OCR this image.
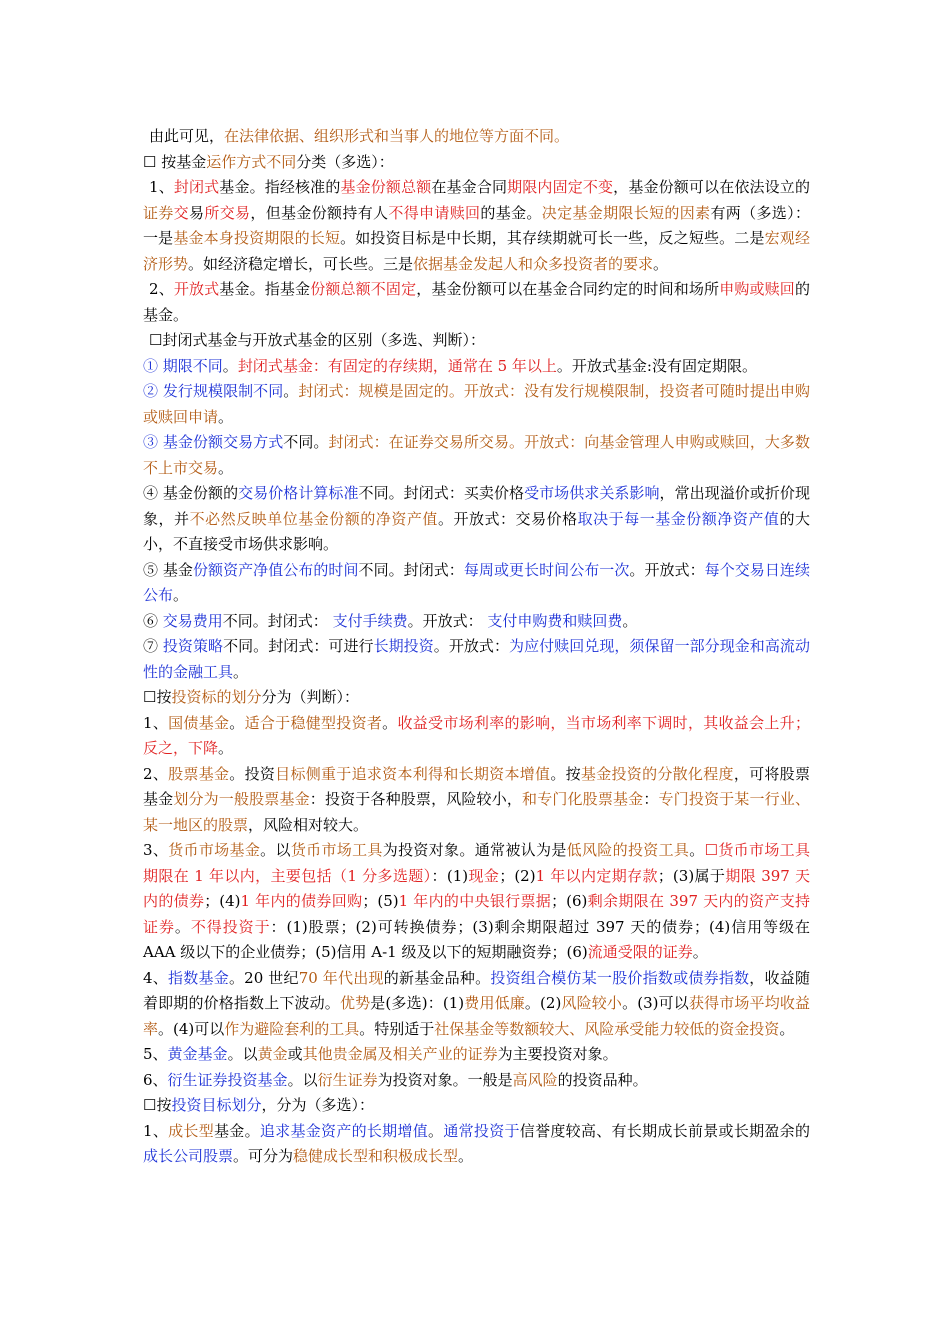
由此可见，在法律依据、组织形式和当事人的地位等方面不同。

☐ 按基金运作方式不同分类（多选）：

1、封闭式基金。指经核准的基金份额总额在基金合同期限内固定不变，基金份额可以在依法设立的证券交易所交易，但基金份额持有人不得申请赎回的基金。决定基金期限长短的因素有两（多选）：一是基金本身投资期限的长短。如投资目标是中长期，其存续期就可长一些，反之短些。二是宏观经济形势。如经济稳定增长，可长些。三是依据基金发起人和众多投资者的要求。

2、开放式基金。指基金份额总额不固定，基金份额可以在基金合同约定的时间和场所申购或赎回的基金。

☐封闭式基金与开放式基金的区别（多选、判断）：

① 期限不同。封闭式基金：有固定的存续期，通常在 5 年以上。开放式基金:没有固定期限。

② 发行规模限制不同。封闭式：规模是固定的。开放式：没有发行规模限制，投资者可随时提出申购或赎回申请。

③ 基金份额交易方式不同。封闭式：在证券交易所交易。开放式：向基金管理人申购或赎回，大多数不上市交易。

④ 基金份额的交易价格计算标准不同。封闭式：买卖价格受市场供求关系影响，常出现溢价或折价现象，并不必然反映单位基金份额的净资产值。开放式：交易价格取决于每一基金份额净资产值的大小，不直接受市场供求影响。

⑤ 基金份额资产净值公布的时间不同。封闭式：每周或更长时间公布一次。开放式：每个交易日连续公布。

⑥ 交易费用不同。封闭式： 支付手续费。开放式： 支付申购费和赎回费。

⑦ 投资策略不同。封闭式：可进行长期投资。开放式：为应付赎回兑现，须保留一部分现金和高流动性的金融工具。

☐按投资标的划分分为（判断）：

1、国债基金。适合于稳健型投资者。收益受市场利率的影响，当市场利率下调时，其收益会上升；反之，下降。

2、股票基金。投资目标侧重于追求资本利得和长期资本增值。按基金投资的分散化程度，可将股票基金划分为一般股票基金：投资于各种股票，风险较小，和专门化股票基金：专门投资于某一行业、某一地区的股票，风险相对较大。

3、货币市场基金。以货币市场工具为投资对象。通常被认为是低风险的投资工具。☐货币市场工具期限在 1 年以内，主要包括（1 分多选题）：(1)现金；(2)1 年以内定期存款；(3)属于期限 397 天内的债券；(4)1 年内的债券回购；(5)1 年内的中央银行票据；(6)剩余期限在 397 天内的资产支持证券。不得投资于：(1)股票；(2)可转换债券；(3)剩余期限超过 397 天的债券；(4)信用等级在 AAA 级以下的企业债券；(5)信用 A-1 级及以下的短期融资券；(6)流通受限的证券。

4、指数基金。20 世纪70 年代出现的新基金品种。投资组合模仿某一股价指数或债券指数，收益随着即期的价格指数上下波动。优势是(多选)：(1)费用低廉。(2)风险较小。(3)可以获得市场平均收益率。(4)可以作为避险套利的工具。特别适于社保基金等数额较大、风险承受能力较低的资金投资。

5、黄金基金。以黄金或其他贵金属及相关产业的证券为主要投资对象。

6、衍生证券投资基金。以衍生证券为投资对象。一般是高风险的投资品种。

☐按投资目标划分，分为（多选）：

1、成长型基金。追求基金资产的长期增值。通常投资于信誉度较高、有长期成长前景或长期盈余的成长公司股票。可分为稳健成长型和积极成长型。
